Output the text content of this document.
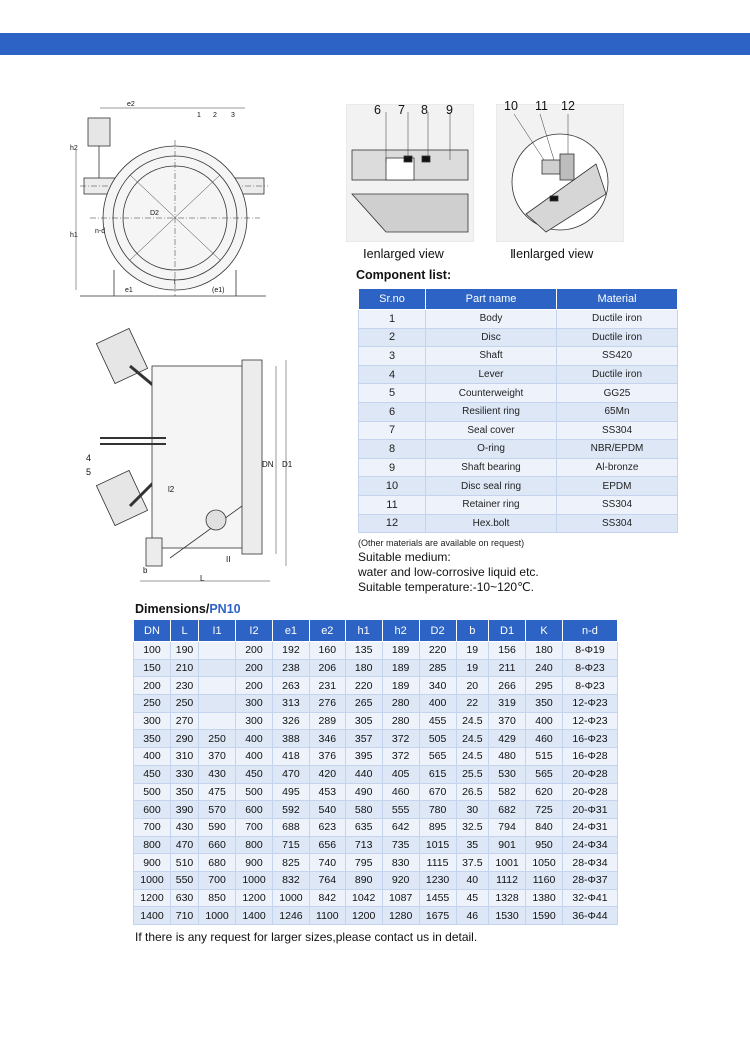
1 2 3
e2
h2
h1
e1
l
(e1)
n-d
D2
4
5
b
L
DN D1
l2
II
6 7 8 9
Ⅰenlarged view
10 11 12
Ⅱenlarged view
Component list:
Sr.no	Part name	Material
1	Body	Ductile iron
2	Disc	Ductile iron
3	Shaft	SS420
4	Lever	Ductile iron
5	Counterweight	GG25
6	Resilient ring	65Mn
7	Seal cover	SS304
8	O-ring	NBR/EPDM
9	Shaft bearing	Al-bronze
10	Disc seal ring	EPDM
11	Retainer ring	SS304
12	Hex.bolt	SS304
(Other materials are available on request)
Suitable medium:
water and low-corrosive liquid etc.
Suitable temperature:-10~120℃.
Dimensions/PN10
DN	L	I1	I2	e1	e2	h1	h2	D2	b	D1	K	n-d
100	190		200	192	160	135	189	220	19	156	180	8-Φ19
150	210		200	238	206	180	189	285	19	211	240	8-Φ23
200	230		200	263	231	220	189	340	20	266	295	8-Φ23
250	250		300	313	276	265	280	400	22	319	350	12-Φ23
300	270		300	326	289	305	280	455	24.5	370	400	12-Φ23
350	290	250	400	388	346	357	372	505	24.5	429	460	16-Φ23
400	310	370	400	418	376	395	372	565	24.5	480	515	16-Φ28
450	330	430	450	470	420	440	405	615	25.5	530	565	20-Φ28
500	350	475	500	495	453	490	460	670	26.5	582	620	20-Φ28
600	390	570	600	592	540	580	555	780	30	682	725	20-Φ31
700	430	590	700	688	623	635	642	895	32.5	794	840	24-Φ31
800	470	660	800	715	656	713	735	1015	35	901	950	24-Φ34
900	510	680	900	825	740	795	830	1115	37.5	1001	1050	28-Φ34
1000	550	700	1000	832	764	890	920	1230	40	1112	1160	28-Φ37
1200	630	850	1200	1000	842	1042	1087	1455	45	1328	1380	32-Φ41
1400	710	1000	1400	1246	1100	1200	1280	1675	46	1530	1590	36-Φ44
If there is any request for larger sizes,please contact us in detail.
